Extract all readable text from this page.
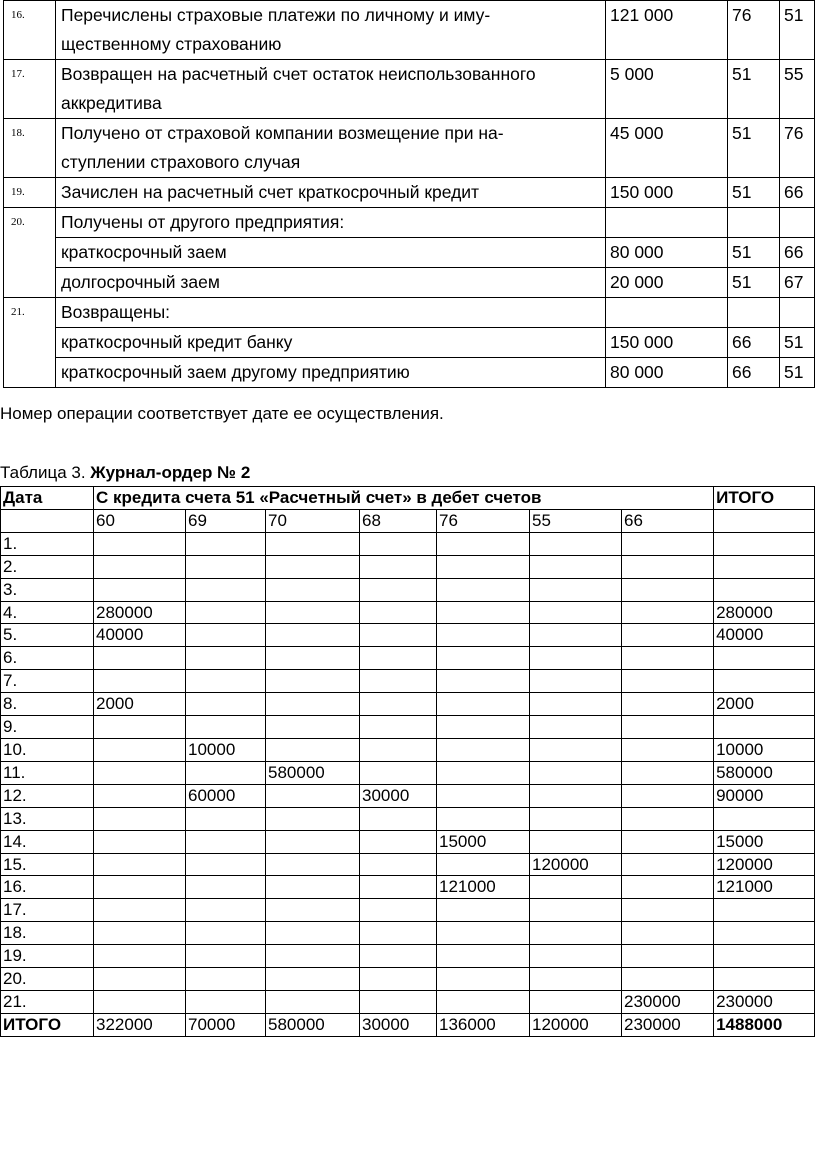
16.	Перечислены страховые платежи по личному и иму-
щественному страхованию	121 000	76	51
17.	Возвращен на расчетный счет остаток неиспользованного
аккредитива	5 000	51	55
18.	Получено от страховой компании возмещение при на-
ступлении страхового случая	45 000	51	76
19.	Зачислен на расчетный счет краткосрочный кредит	150 000	51	66
20.	Получены от другого предприятия:			
	краткосрочный заем	80 000	51	66
	долгосрочный заем	20 000	51	67
21.	Возвращены:			
	краткосрочный кредит банку	150 000	66	51
	краткосрочный заем другому предприятию	80 000	66	51
Номер операции соответствует дате ее осуществления.
Таблица 3. Журнал-ордер № 2
Дата	С кредита счета 51 «Расчетный счет» в дебет счетов							ИТОГО
	60	69	70	68	76	55	66	
1.								
2.								
3.								
4.	280000							280000
5.	40000							40000
6.								
7.								
8.	2000							2000
9.								
10.		10000						10000
11.			580000					580000
12.		60000		30000				90000
13.								
14.					15000			15000
15.						120000		120000
16.					121000			121000
17.								
18.								
19.								
20.								
21.							230000	230000
ИТОГО	322000	70000	580000	30000	136000	120000	230000	1488000
